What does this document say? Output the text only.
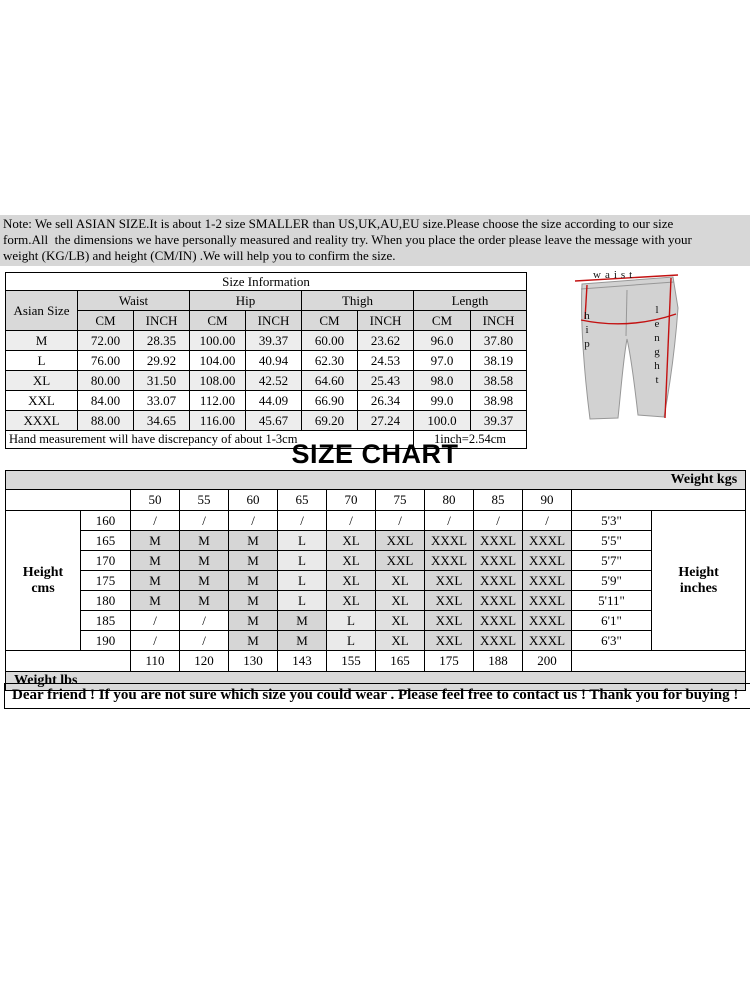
Note: We sell ASIAN SIZE.It is about 1-2 size SMALLER than US,UK,AU,EU size.Please choose the size according to our size
form.All  the dimensions we have personally measured and reality try. When you place the order please leave the message with your
weight (KG/LB) and height (CM/IN) .We will help you to confirm the size.
Size Information								
Asian Size	Waist		Hip		Thigh		Length	
	CM	INCH	CM	INCH	CM	INCH	CM	INCH
M	72.00	28.35	100.00	39.37	60.00	23.62	96.0	37.80
L	76.00	29.92	104.00	40.94	62.30	24.53	97.0	38.19
XL	80.00	31.50	108.00	42.52	64.60	25.43	98.0	38.58
XXL	84.00	33.07	112.00	44.09	66.90	26.34	99.0	38.98
XXXL	88.00	34.65	116.00	45.67	69.20	27.24	100.0	39.37
Hand measurement will have discrepancy of about 1-3cm							1inch=2.54cm	
waist
hip	lenght
SIZE CHART
Weight kgs												
		50	55	60	65	70	75	80	85	90		

Height
cms
	160	/	/	/	/	/	/	/	/	/	5'3"	
Height
inches

	165	M	M	M	L	XL	XXL	XXXL	XXXL	XXXL	5'5"	
	170	M	M	M	L	XL	XXL	XXXL	XXXL	XXXL	5'7"	
	175	M	M	M	L	XL	XL	XXL	XXXL	XXXL	5'9"	
	180	M	M	M	L	XL	XL	XXL	XXXL	XXXL	5'11"	
	185	/	/	M	M	L	XL	XXL	XXXL	XXXL	6'1"	
	190	/	/	M	M	L	XL	XXL	XXXL	XXXL	6'3"	
		110	120	130	143	155	165	175	188	200		
Weight lbs												
Dear friend ! If you are not sure which size you could wear . Please feel free to contact us ! Thank you for buying !
